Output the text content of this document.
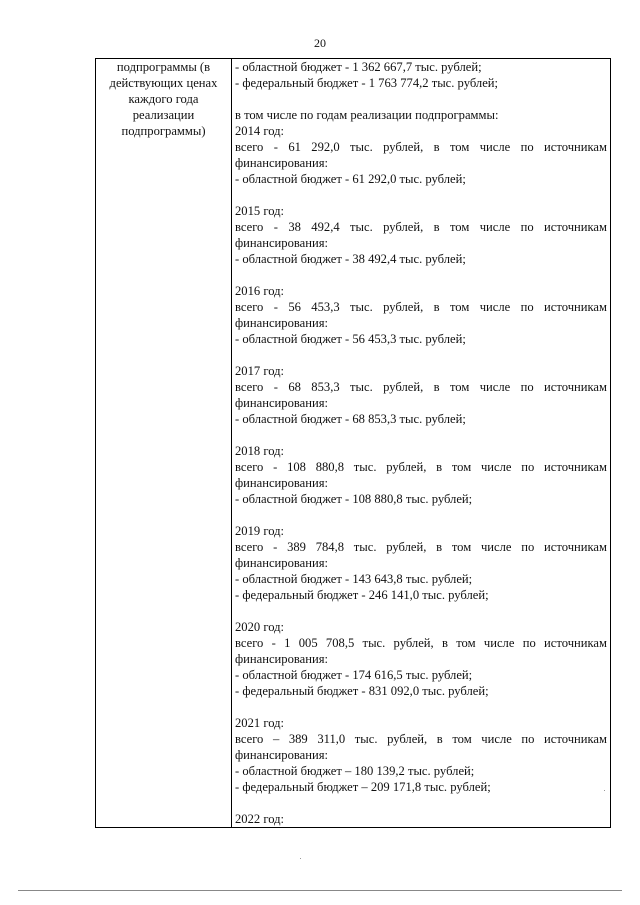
20
подпрограммы (в
действующих ценах
каждого года
реализации
подпрограммы)

- областной бюджет - 1 362 667,7 тыс. рублей;
- федеральный бюджет - 1 763 774,2 тыс. рублей;
в том числе по годам реализации подпрограммы:
2014 год:
всего - 61 292,0 тыс. рублей, в том числе по источникам
финансирования:
- областной бюджет - 61 292,0 тыс. рублей;
2015 год:
всего - 38 492,4 тыс. рублей, в том числе по источникам
финансирования:
- областной бюджет - 38 492,4 тыс. рублей;
2016 год:
всего - 56 453,3 тыс. рублей, в том числе по источникам
финансирования:
- областной бюджет - 56 453,3 тыс. рублей;
2017 год:
всего - 68 853,3 тыс. рублей, в том числе по источникам
финансирования:
- областной бюджет - 68 853,3 тыс. рублей;
2018 год:
всего - 108 880,8 тыс. рублей, в том числе по источникам
финансирования:
- областной бюджет - 108 880,8 тыс. рублей;
2019 год:
всего - 389 784,8 тыс. рублей, в том числе по источникам
финансирования:
- областной бюджет - 143 643,8 тыс. рублей;
- федеральный бюджет - 246 141,0 тыс. рублей;
2020 год:
всего - 1 005 708,5 тыс. рублей, в том числе по источникам
финансирования:
- областной бюджет - 174 616,5 тыс. рублей;
- федеральный бюджет - 831 092,0 тыс. рублей;
2021 год:
всего – 389 311,0 тыс. рублей, в том числе по источникам
финансирования:
- областной бюджет – 180 139,2 тыс. рублей;
- федеральный бюджет – 209 171,8 тыс. рублей;
2022 год:
